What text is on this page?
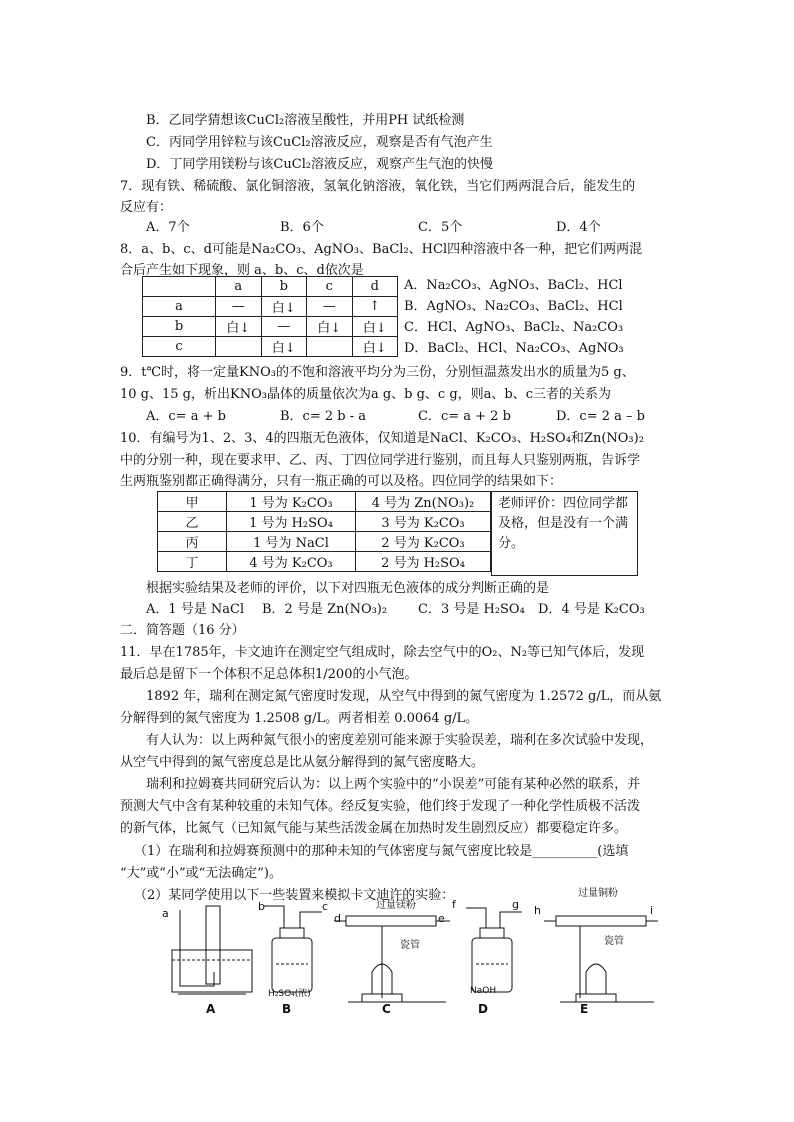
B．乙同学猜想该CuCl₂溶液呈酸性，并用PH 试纸检测
C．丙同学用锌粒与该CuCl₂溶液反应，观察是否有气泡产生
D．丁同学用镁粉与该CuCl₂溶液反应，观察产生气泡的快慢
7．现有铁、稀硫酸、氯化铜溶液，氢氧化钠溶液，氧化铁，当它们两两混合后，能发生的
反应有：
A．7个	B．6个	C．5个	D．4个
8．a、b、c、d可能是Na₂CO₃、AgNO₃、BaCl₂、HCl四种溶液中各一种，把它们两两混
合后产生如下现象，则 a、b、c、d依次是
	a	b	c	d
a	—	白↓	—	↑
b	白↓	—	白↓	白↓
c		白↓		白↓
A．Na₂CO₃、AgNO₃、BaCl₂、HCl
B．AgNO₃、Na₂CO₃、BaCl₂、HCl
C．HCl、AgNO₃、BaCl₂、Na₂CO₃
D．BaCl₂、HCl、Na₂CO₃、AgNO₃
9．t℃时，将一定量KNO₃的不饱和溶液平均分为三份，分别恒温蒸发出水的质量为5 g、
10 g、15 g，析出KNO₃晶体的质量依次为a g、b g、c g，则a、b、c三者的关系为
A．c= a + b	B．c= 2 b - a	C．c= a + 2 b	D．c= 2 a – b
10．有编号为1、2、3、4的四瓶无色液体，仅知道是NaCl、K₂CO₃、H₂SO₄和Zn(NO₃)₂
中的分别一种，现在要求甲、乙、丙、丁四位同学进行鉴别，而且每人只鉴别两瓶，告诉学
生两瓶鉴别都正确得满分，只有一瓶正确的可以及格。四位同学的结果如下：
甲	1 号为 K₂CO₃	4 号为 Zn(NO₃)₂
乙	1 号为 H₂SO₄	3 号为 K₂CO₃
丙	1 号为 NaCl	2 号为 K₂CO₃
丁	4 号为 K₂CO₃	2 号为 H₂SO₄
老师评价：四位同学都及格，但是没有一个满分。
根据实验结果及老师的评价，以下对四瓶无色液体的成分判断正确的是
A．1 号是 NaCl B．2 号是 Zn(NO₃)₂ C．3 号是 H₂SO₄ D．4 号是 K₂CO₃
二．简答题（16 分）
11．早在1785年，卡文迪许在测定空气组成时，除去空气中的O₂、N₂等已知气体后，发现
最后总是留下一个体积不足总体积1/200的小气泡。
1892 年，瑞利在测定氮气密度时发现，从空气中得到的氮气密度为 1.2572 g/L，而从氨
分解得到的氮气密度为 1.2508 g/L。两者相差 0.0064 g/L。
有人认为：以上两种氮气很小的密度差别可能来源于实验误差，瑞利在多次试验中发现，
从空气中得到的氮气密度总是比从氨分解得到的氮气密度略大。
瑞利和拉姆赛共同研究后认为：以上两个实验中的“小误差”可能有某种必然的联系，并
预测大气中含有某种较重的未知气体。经反复实验，他们终于发现了一种化学性质极不活泼
的新气体，比氮气（已知氮气能与某些活泼金属在加热时发生剧烈反应）都要稳定许多。
（1）在瑞利和拉姆赛预测中的那种未知的气体密度与氮气密度比较是__________(选填
“大”或“小”或“无法确定”)。
（2）某同学使用以下一些装置来模拟卡文迪许的实验：
a
A
b	c
H₂SO₄(浓)
B
d
过量镁粉
e
瓷管
C
f	g
NaOH
D
h
过量铜粉
i
瓷管
E
